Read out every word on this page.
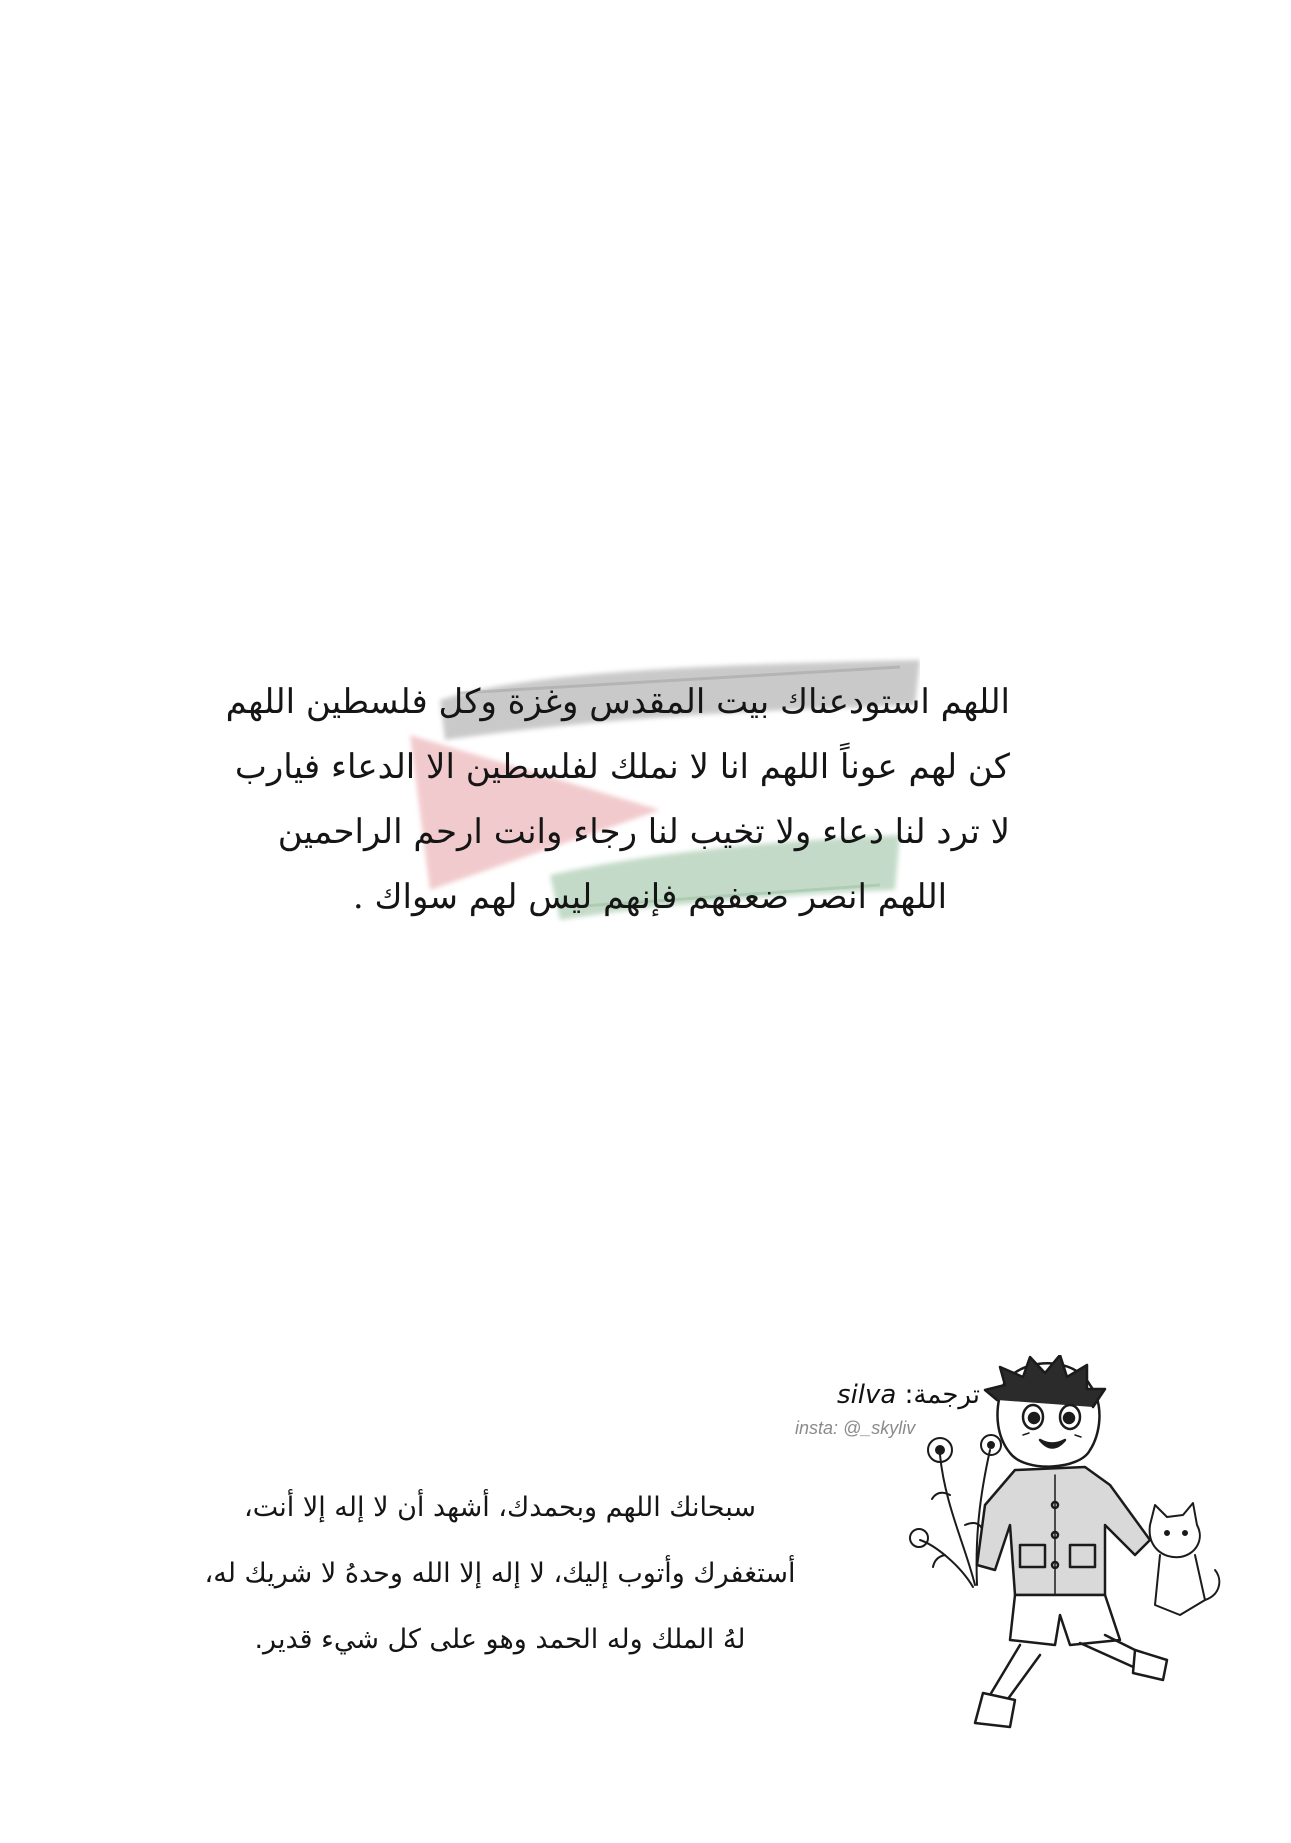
اللهم استودعناك بيت المقدس وغزة وكل فلسطين اللهم
كن لهم عوناً اللهم انا لا نملك لفلسطين الا الدعاء فيارب
لا ترد لنا دعاء ولا تخيب لنا رجاء وانت ارحم الراحمين
اللهم انصر ضعفهم فإنهم ليس لهم سواك .
ترجمة: silva
insta: @_skyliv
سبحانك اللهم وبحمدك، أشهد أن لا إله إلا أنت،
أستغفرك وأتوب إليك، لا إله إلا الله وحدهُ لا شريك له،
لهُ الملك وله الحمد وهو على كل شيء قدير.
